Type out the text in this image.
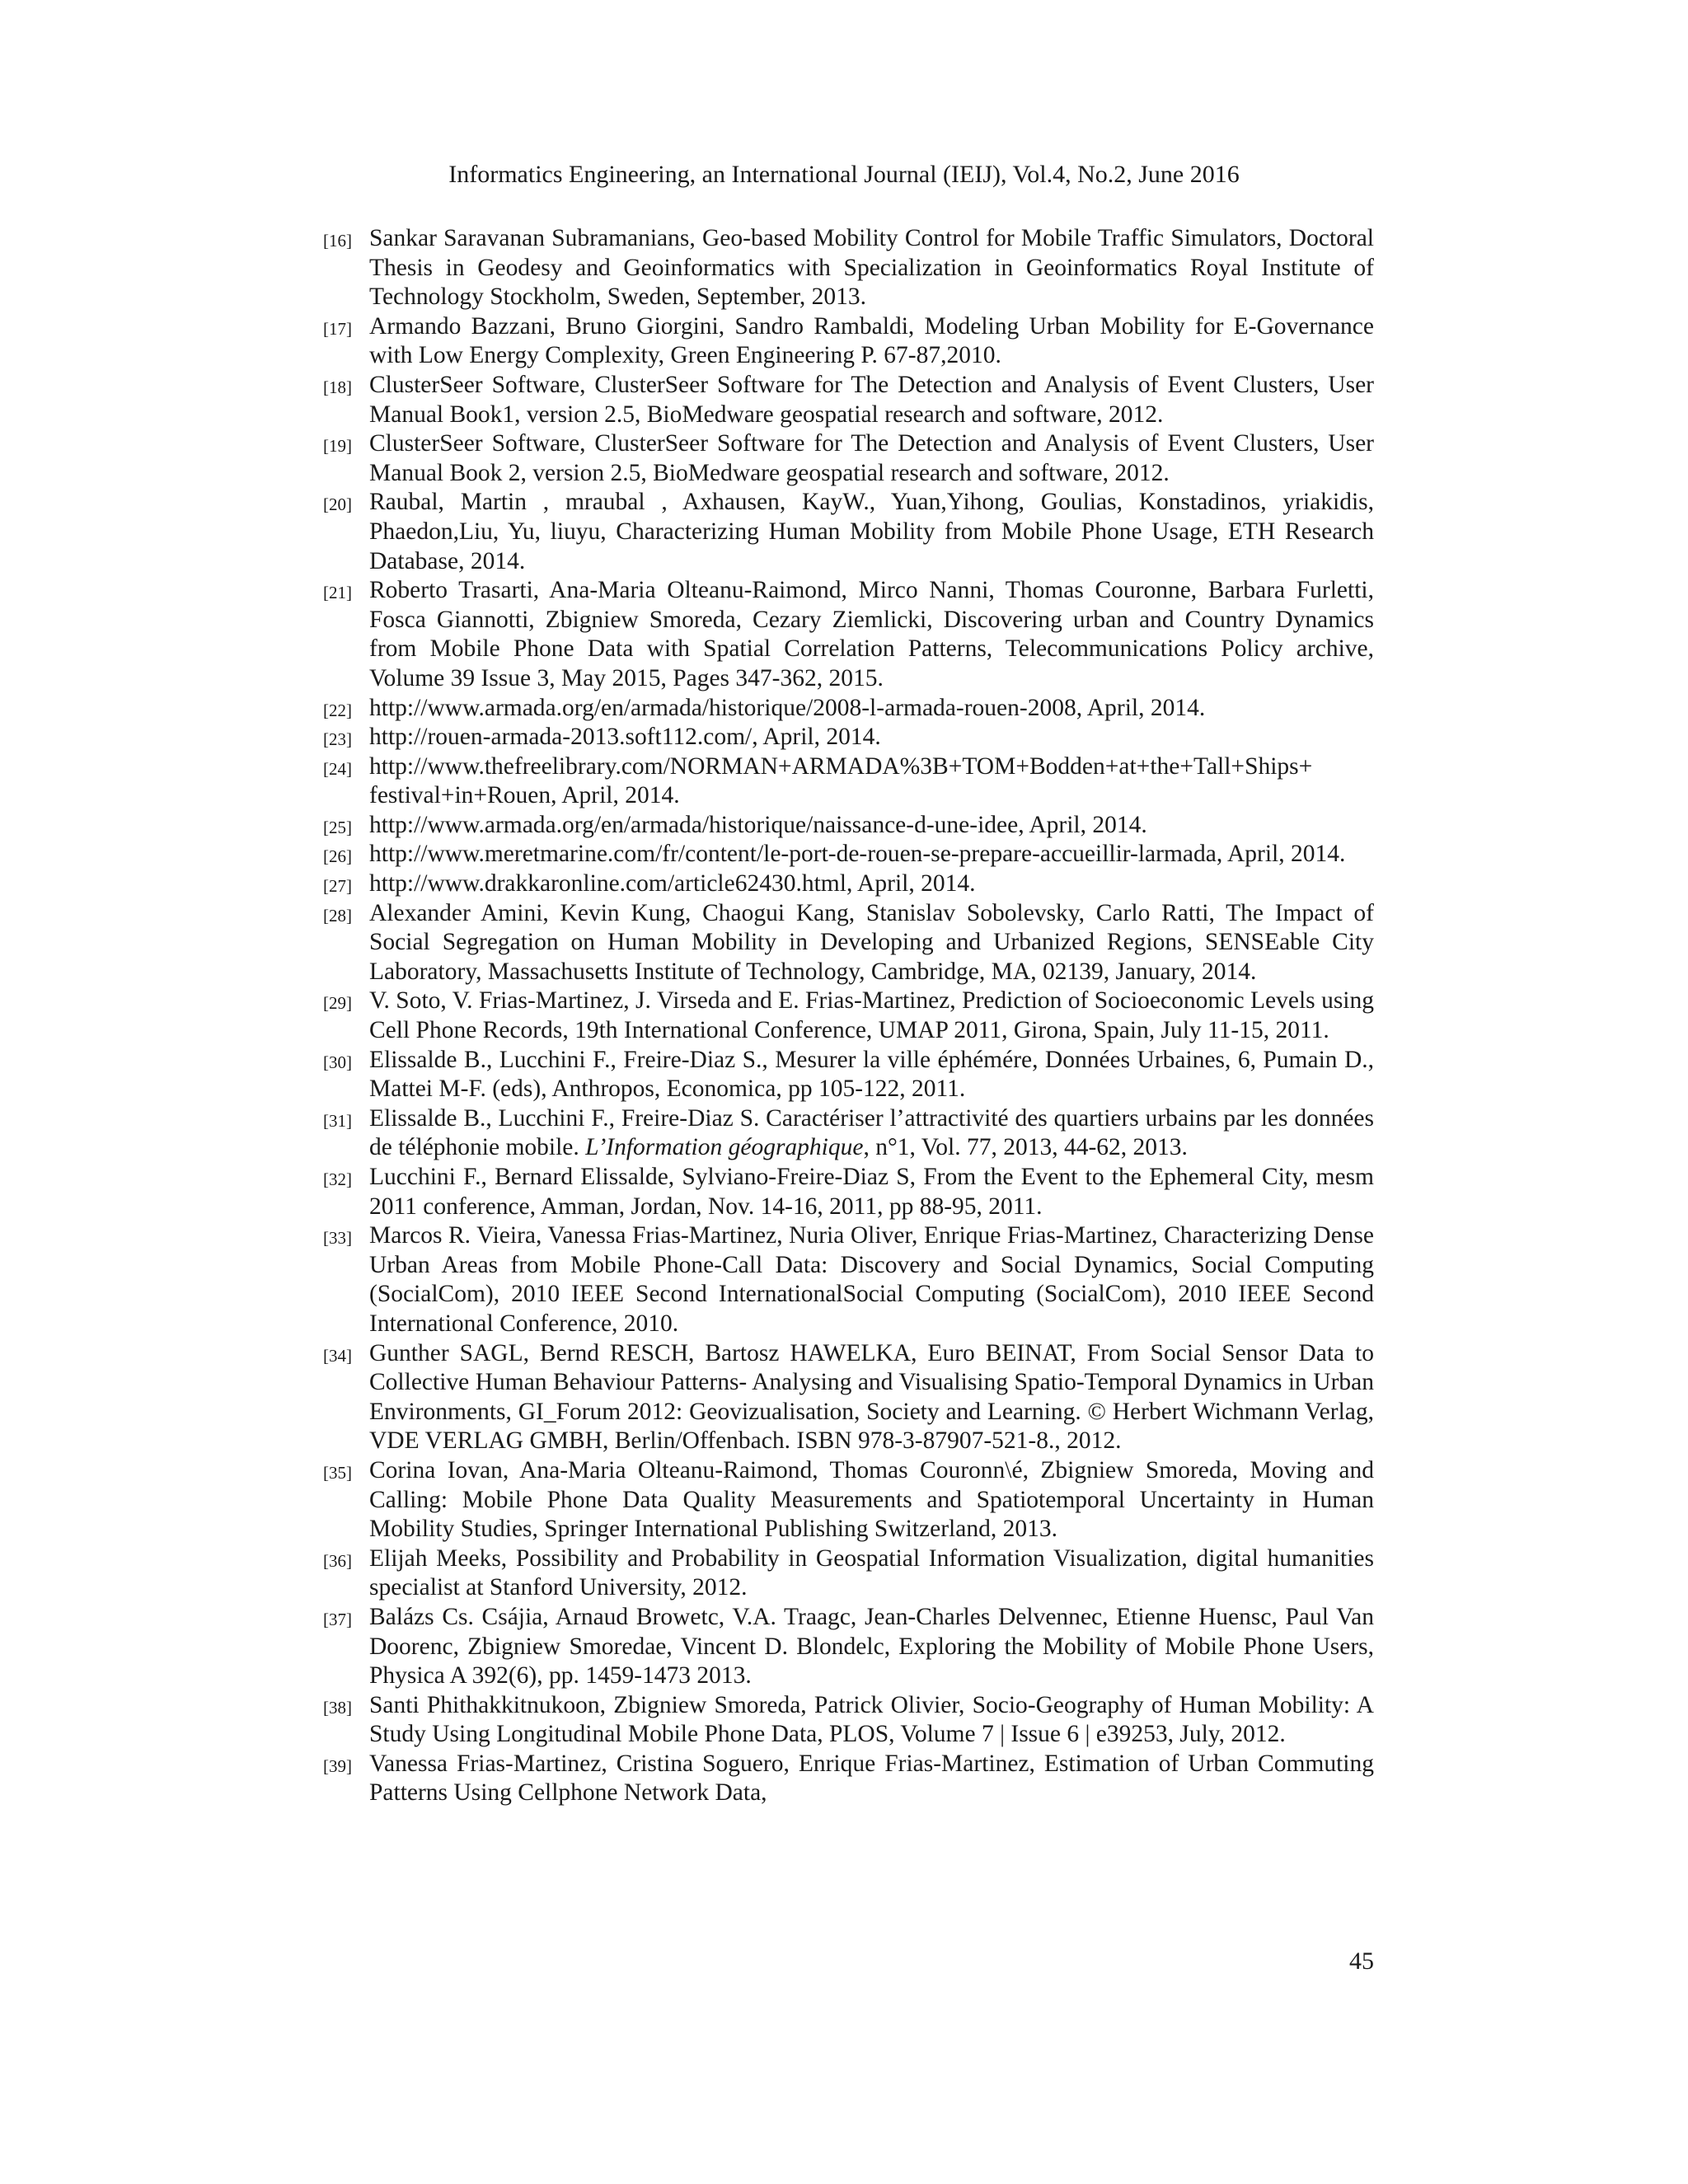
Informatics Engineering, an International Journal (IEIJ), Vol.4, No.2, June 2016
[16] Sankar Saravanan Subramanians, Geo-based Mobility Control for Mobile Traffic Simulators, Doctoral Thesis in Geodesy and Geoinformatics with Specialization in Geoinformatics Royal Institute of Technology Stockholm, Sweden, September, 2013.
[17] Armando Bazzani, Bruno Giorgini, Sandro Rambaldi, Modeling Urban Mobility for E-Governance with Low Energy Complexity, Green Engineering P. 67-87,2010.
[18] ClusterSeer Software, ClusterSeer Software for The Detection and Analysis of Event Clusters, User Manual Book1, version 2.5, BioMedware geospatial research and software, 2012.
[19] ClusterSeer Software, ClusterSeer Software for The Detection and Analysis of Event Clusters, User Manual Book 2, version 2.5, BioMedware geospatial research and software, 2012.
[20] Raubal, Martin , mraubal , Axhausen, KayW., Yuan,Yihong, Goulias, Konstadinos, yriakidis, Phaedon,Liu, Yu, liuyu, Characterizing Human Mobility from Mobile Phone Usage, ETH Research Database, 2014.
[21] Roberto Trasarti, Ana-Maria Olteanu-Raimond, Mirco Nanni, Thomas Couronne, Barbara Furletti, Fosca Giannotti, Zbigniew Smoreda, Cezary Ziemlicki, Discovering urban and Country Dynamics from Mobile Phone Data with Spatial Correlation Patterns, Telecommunications Policy archive, Volume 39 Issue 3, May 2015, Pages 347-362, 2015.
[22] http://www.armada.org/en/armada/historique/2008-l-armada-rouen-2008, April, 2014.
[23] http://rouen-armada-2013.soft112.com/, April, 2014.
[24] http://www.thefreelibrary.com/NORMAN+ARMADA%3B+TOM+Bodden+at+the+Tall+Ships+ festival+in+Rouen, April, 2014.
[25] http://www.armada.org/en/armada/historique/naissance-d-une-idee, April, 2014.
[26] http://www.meretmarine.com/fr/content/le-port-de-rouen-se-prepare-accueillir-larmada, April, 2014.
[27] http://www.drakkaronline.com/article62430.html, April, 2014.
[28] Alexander Amini, Kevin Kung, Chaogui Kang, Stanislav Sobolevsky, Carlo Ratti, The Impact of Social Segregation on Human Mobility in Developing and Urbanized Regions, SENSEable City Laboratory, Massachusetts Institute of Technology, Cambridge, MA, 02139, January, 2014.
[29] V. Soto, V. Frias-Martinez, J. Virseda and E. Frias-Martinez, Prediction of Socioeconomic Levels using Cell Phone Records, 19th International Conference, UMAP 2011, Girona, Spain, July 11-15, 2011.
[30] Elissalde B., Lucchini F., Freire-Diaz S., Mesurer la ville éphémére, Données Urbaines, 6, Pumain D., Mattei M-F. (eds), Anthropos, Economica, pp 105-122, 2011.
[31] Elissalde B., Lucchini F., Freire-Diaz S. Caractériser l’attractivité des quartiers urbains par les données de téléphonie mobile. L’Information géographique, n°1, Vol. 77, 2013, 44-62, 2013.
[32] Lucchini F., Bernard Elissalde, Sylviano-Freire-Diaz S, From the Event to the Ephemeral City, mesm 2011 conference, Amman, Jordan, Nov. 14-16, 2011, pp 88-95, 2011.
[33] Marcos R. Vieira, Vanessa Frias-Martinez, Nuria Oliver, Enrique Frias-Martinez, Characterizing Dense Urban Areas from Mobile Phone-Call Data: Discovery and Social Dynamics, Social Computing (SocialCom), 2010 IEEE Second InternationalSocial Computing (SocialCom), 2010 IEEE Second International Conference, 2010.
[34] Gunther SAGL, Bernd RESCH, Bartosz HAWELKA, Euro BEINAT, From Social Sensor Data to Collective Human Behaviour Patterns- Analysing and Visualising Spatio-Temporal Dynamics in Urban Environments, GI_Forum 2012: Geovizualisation, Society and Learning. © Herbert Wichmann Verlag, VDE VERLAG GMBH, Berlin/Offenbach. ISBN 978-3-87907-521-8., 2012.
[35] Corina Iovan, Ana-Maria Olteanu-Raimond, Thomas Couronn\é, Zbigniew Smoreda, Moving and Calling: Mobile Phone Data Quality Measurements and Spatiotemporal Uncertainty in Human Mobility Studies, Springer International Publishing Switzerland, 2013.
[36] Elijah Meeks, Possibility and Probability in Geospatial Information Visualization, digital humanities specialist at Stanford University, 2012.
[37] Balázs Cs. Csájia, Arnaud Browetc, V.A. Traagc, Jean-Charles Delvennec, Etienne Huensc, Paul Van Doorenc, Zbigniew Smoredae, Vincent D. Blondelc, Exploring the Mobility of Mobile Phone Users, Physica A 392(6), pp. 1459-1473 2013.
[38] Santi Phithakkitnukoon, Zbigniew Smoreda, Patrick Olivier, Socio-Geography of Human Mobility: A Study Using Longitudinal Mobile Phone Data, PLOS, Volume 7 | Issue 6 | e39253, July, 2012.
[39] Vanessa Frias-Martinez, Cristina Soguero, Enrique Frias-Martinez, Estimation of Urban Commuting Patterns Using Cellphone Network Data,
45
